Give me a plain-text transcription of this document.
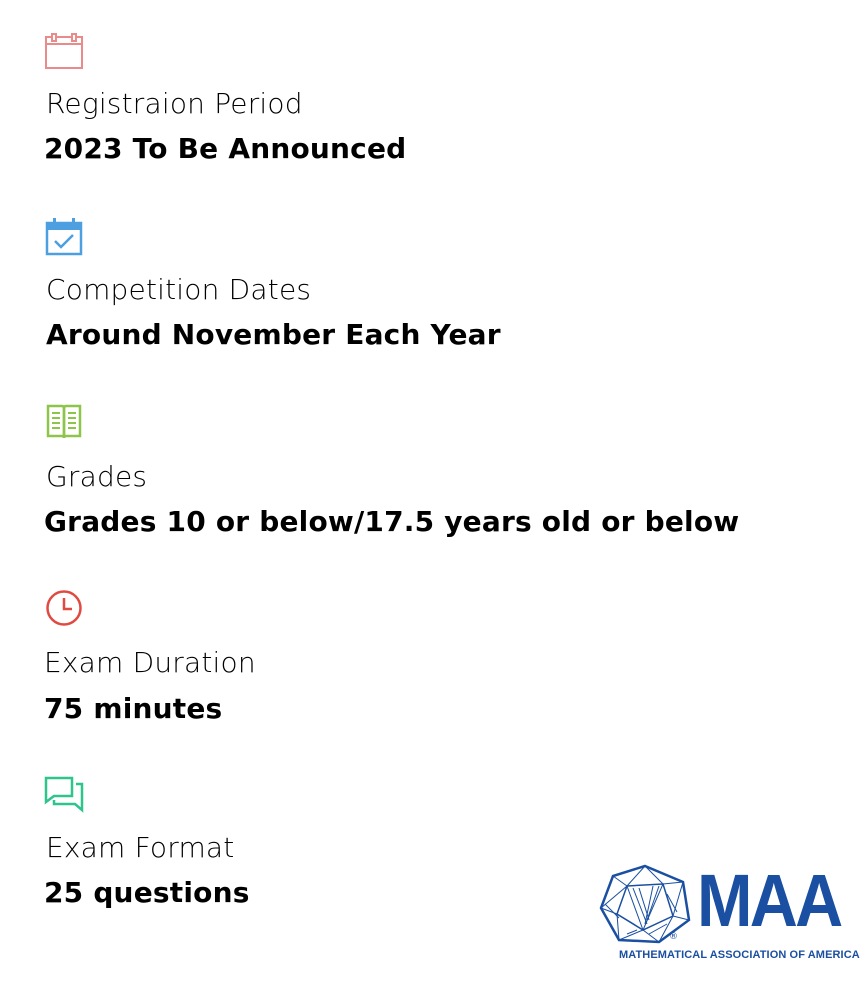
Registraion Period
2023 To Be Announced
Competition Dates
Around November Each Year
Grades
Grades 10 or below/17.5 years old or below
Exam Duration
75 minutes
Exam Format
25 questions
® MAA
MATHEMATICAL ASSOCIATION OF AMERICA
